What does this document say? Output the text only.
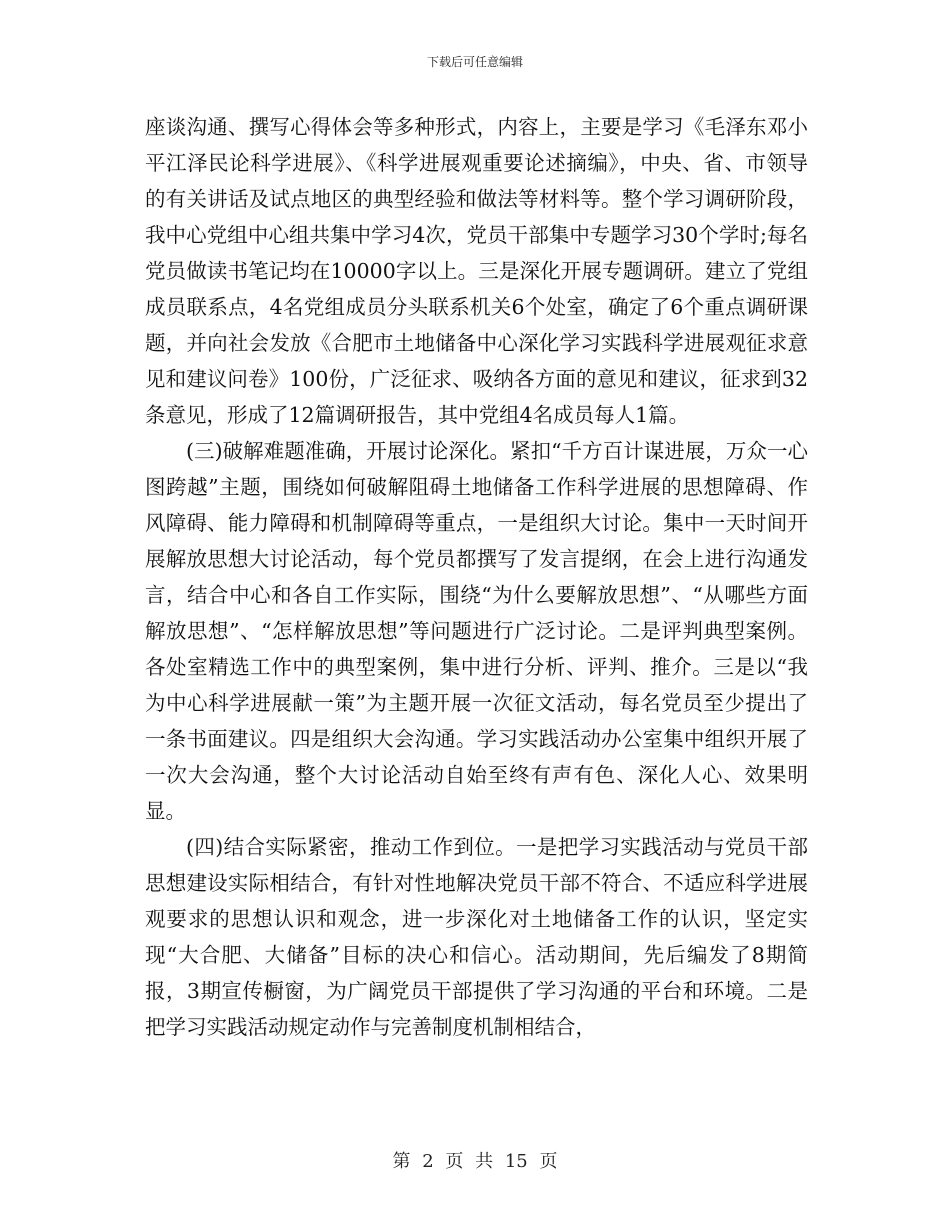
下载后可任意编辑

座谈沟通、撰写心得体会等多种形式，内容上，主要是学习《毛泽东邓小平江泽民论科学进展》、《科学进展观重要论述摘编》，中央、省、市领导的有关讲话及试点地区的典型经验和做法等材料等。整个学习调研阶段，我中心党组中心组共集中学习4次，党员干部集中专题学习30个学时;每名党员做读书笔记均在10000字以上。三是深化开展专题调研。建立了党组成员联系点，4名党组成员分头联系机关6个处室，确定了6个重点调研课题，并向社会发放《合肥市土地储备中心深化学习实践科学进展观征求意见和建议问卷》100份，广泛征求、吸纳各方面的意见和建议，征求到32条意见，形成了12篇调研报告，其中党组4名成员每人1篇。

(三)破解难题准确，开展讨论深化。紧扣“千方百计谋进展，万众一心图跨越”主题，围绕如何破解阻碍土地储备工作科学进展的思想障碍、作风障碍、能力障碍和机制障碍等重点，一是组织大讨论。集中一天时间开展解放思想大讨论活动，每个党员都撰写了发言提纲，在会上进行沟通发言，结合中心和各自工作实际，围绕“为什么要解放思想”、“从哪些方面解放思想”、“怎样解放思想”等问题进行广泛讨论。二是评判典型案例。各处室精选工作中的典型案例，集中进行分析、评判、推介。三是以“我为中心科学进展献一策”为主题开展一次征文活动，每名党员至少提出了一条书面建议。四是组织大会沟通。学习实践活动办公室集中组织开展了一次大会沟通，整个大讨论活动自始至终有声有色、深化人心、效果明显。

(四)结合实际紧密，推动工作到位。一是把学习实践活动与党员干部思想建设实际相结合，有针对性地解决党员干部不符合、不适应科学进展观要求的思想认识和观念，进一步深化对土地储备工作的认识，坚定实现“大合肥、大储备”目标的决心和信心。活动期间，先后编发了8期简报，3期宣传橱窗，为广阔党员干部提供了学习沟通的平台和环境。二是把学习实践活动规定动作与完善制度机制相结合，

第 2 页 共 15 页
